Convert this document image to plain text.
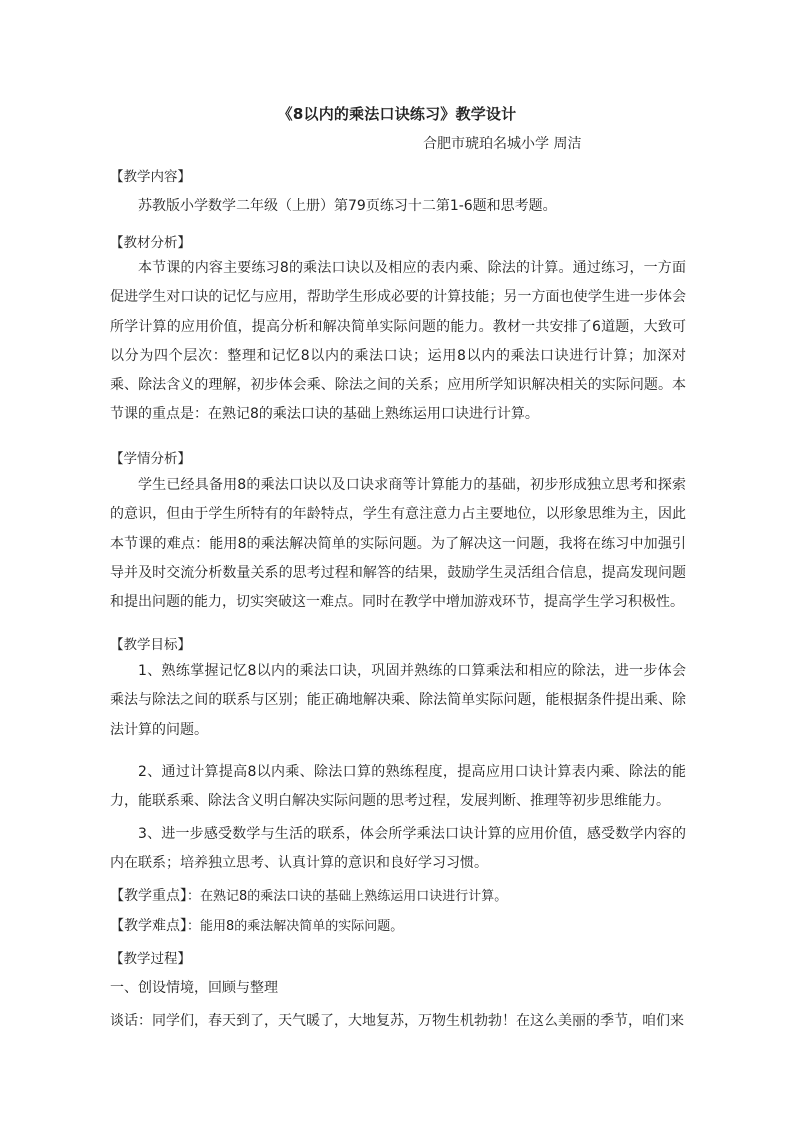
《8以内的乘法口诀练习》教学设计
合肥市琥珀名城小学 周洁
【教学内容】
苏教版小学数学二年级（上册）第79页练习十二第1-6题和思考题。
【教材分析】
本节课的内容主要练习8的乘法口诀以及相应的表内乘、除法的计算。通过练习，一方面促进学生对口诀的记忆与应用，帮助学生形成必要的计算技能；另一方面也使学生进一步体会所学计算的应用价值，提高分析和解决简单实际问题的能力。教材一共安排了6道题，大致可以分为四个层次：整理和记忆8以内的乘法口诀；运用8以内的乘法口诀进行计算；加深对乘、除法含义的理解，初步体会乘、除法之间的关系；应用所学知识解决相关的实际问题。本节课的重点是：在熟记8的乘法口诀的基础上熟练运用口诀进行计算。
【学情分析】
学生已经具备用8的乘法口诀以及口诀求商等计算能力的基础，初步形成独立思考和探索的意识，但由于学生所特有的年龄特点，学生有意注意力占主要地位，以形象思维为主，因此本节课的难点：能用8的乘法解决简单的实际问题。为了解决这一问题，我将在练习中加强引导并及时交流分析数量关系的思考过程和解答的结果，鼓励学生灵活组合信息，提高发现问题和提出问题的能力，切实突破这一难点。同时在教学中增加游戏环节，提高学生学习积极性。
【教学目标】
1、熟练掌握记忆8以内的乘法口诀，巩固并熟练的口算乘法和相应的除法，进一步体会乘法与除法之间的联系与区别；能正确地解决乘、除法简单实际问题，能根据条件提出乘、除法计算的问题。
2、通过计算提高8以内乘、除法口算的熟练程度，提高应用口诀计算表内乘、除法的能力，能联系乘、除法含义明白解决实际问题的思考过程，发展判断、推理等初步思维能力。
3、进一步感受数学与生活的联系，体会所学乘法口诀计算的应用价值，感受数学内容的内在联系；培养独立思考、认真计算的意识和良好学习习惯。
【教学重点】：在熟记8的乘法口诀的基础上熟练运用口诀进行计算。
【教学难点】：能用8的乘法解决简单的实际问题。
【教学过程】
一、创设情境，回顾与整理
谈话：同学们，春天到了，天气暖了，大地复苏，万物生机勃勃！在这么美丽的季节，咱们来
